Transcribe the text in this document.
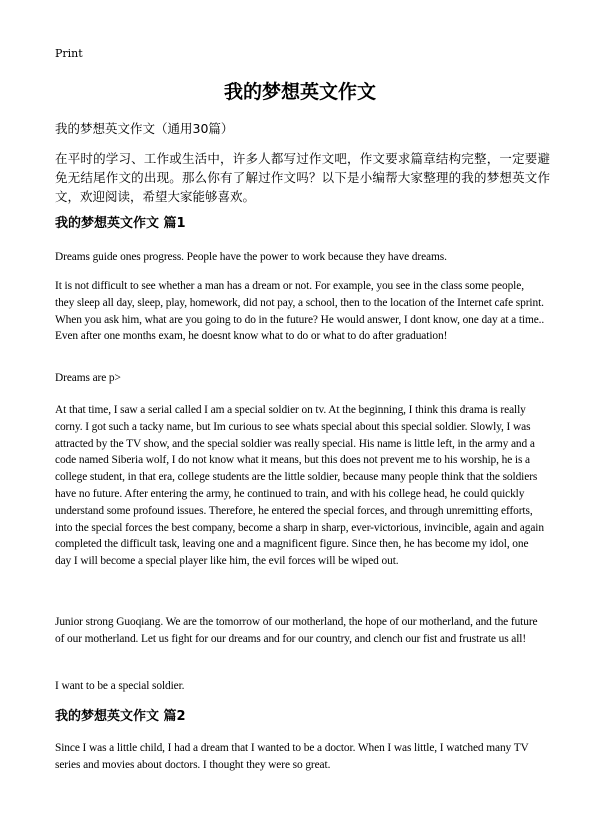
Print
我的梦想英文作文
我的梦想英文作文（通用30篇）

在平时的学习、工作或生活中，许多人都写过作文吧，作文要求篇章结构完整，一定要避免无结尾作文的出现。那么你有了解过作文吗？以下是小编帮大家整理的我的梦想英文作文，欢迎阅读，希望大家能够喜欢。

我的梦想英文作文 篇1

Dreams guide ones progress. People have the power to work because they have dreams.

It is not difficult to see whether a man has a dream or not. For example, you see in the class some people, they sleep all day, sleep, play, homework, did not pay, a school, then to the location of the Internet cafe sprint. When you ask him, what are you going to do in the future? He would answer, I dont know, one day at a time.. Even after one months exam, he doesnt know what to do or what to do after graduation!

Dreams are p>

At that time, I saw a serial called I am a special soldier on tv. At the beginning, I think this drama is really corny. I got such a tacky name, but Im curious to see whats special about this special soldier. Slowly, I was attracted by the TV show, and the special soldier was really special. His name is little left, in the army and a code named Siberia wolf, I do not know what it means, but this does not prevent me to his worship, he is a college student, in that era, college students are the little soldier, because many people think that the soldiers have no future. After entering the army, he continued to train, and with his college head, he could quickly understand some profound issues. Therefore, he entered the special forces, and through unremitting efforts, into the special forces the best company, become a sharp in sharp, ever-victorious, invincible, again and again completed the difficult task, leaving one and a magnificent figure. Since then, he has become my idol, one day I will become a special player like him, the evil forces will be wiped out.

Junior strong Guoqiang. We are the tomorrow of our motherland, the hope of our motherland, and the future of our motherland. Let us fight for our dreams and for our country, and clench our fist and frustrate us all!

I want to be a special soldier.

我的梦想英文作文 篇2

Since I was a little child, I had a dream that I wanted to be a doctor. When I was little, I watched many TV series and movies about doctors. I thought they were so great.
